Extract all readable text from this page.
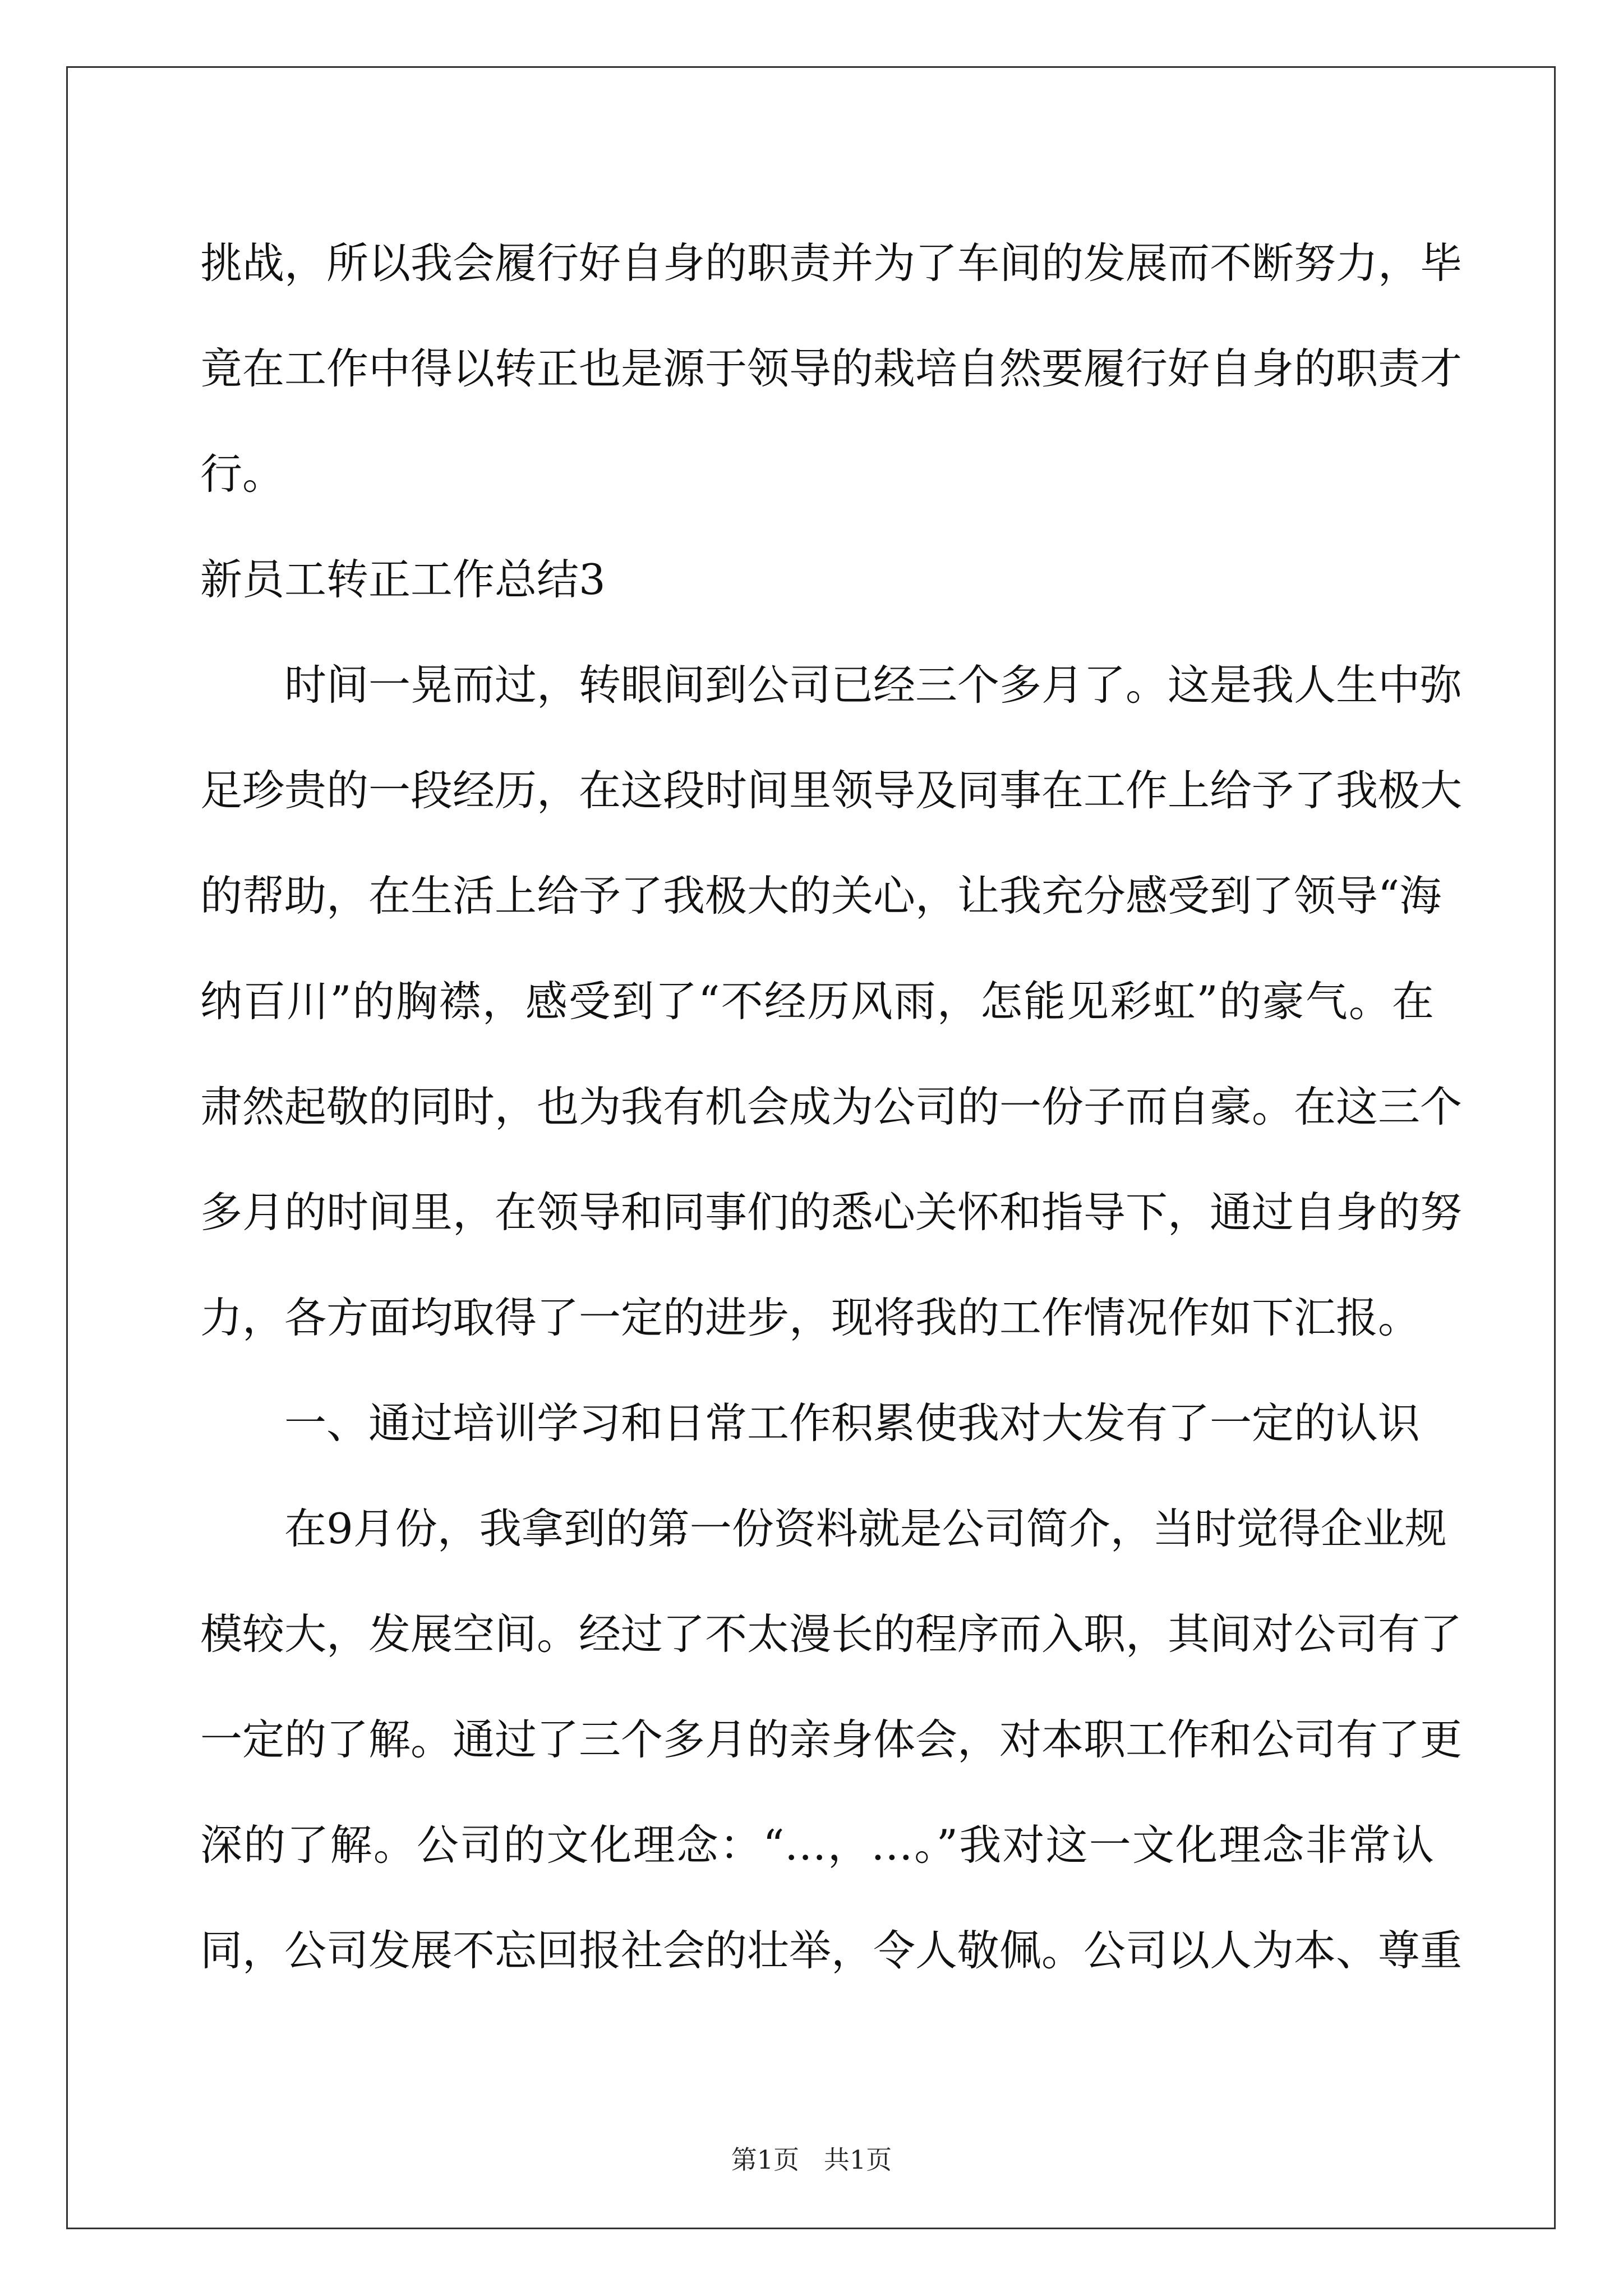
挑战，所以我会履行好自身的职责并为了车间的发展而不断努力，毕
竟在工作中得以转正也是源于领导的栽培自然要履行好自身的职责才
行。
新员工转正工作总结3
时间一晃而过，转眼间到公司已经三个多月了。这是我人生中弥
足珍贵的一段经历，在这段时间里领导及同事在工作上给予了我极大
的帮助，在生活上给予了我极大的关心，让我充分感受到了领导“海
纳百川”的胸襟，感受到了“不经历风雨，怎能见彩虹”的豪气。在
肃然起敬的同时，也为我有机会成为公司的一份子而自豪。在这三个
多月的时间里，在领导和同事们的悉心关怀和指导下，通过自身的努
力，各方面均取得了一定的进步，现将我的工作情况作如下汇报。
一、通过培训学习和日常工作积累使我对大发有了一定的认识
在9月份，我拿到的第一份资料就是公司简介，当时觉得企业规
模较大，发展空间。经过了不太漫长的程序而入职，其间对公司有了
一定的了解。通过了三个多月的亲身体会，对本职工作和公司有了更
深的了解。公司的文化理念：“…，…。”我对这一文化理念非常认
同，公司发展不忘回报社会的壮举，令人敬佩。公司以人为本、尊重
第1页   共1页
